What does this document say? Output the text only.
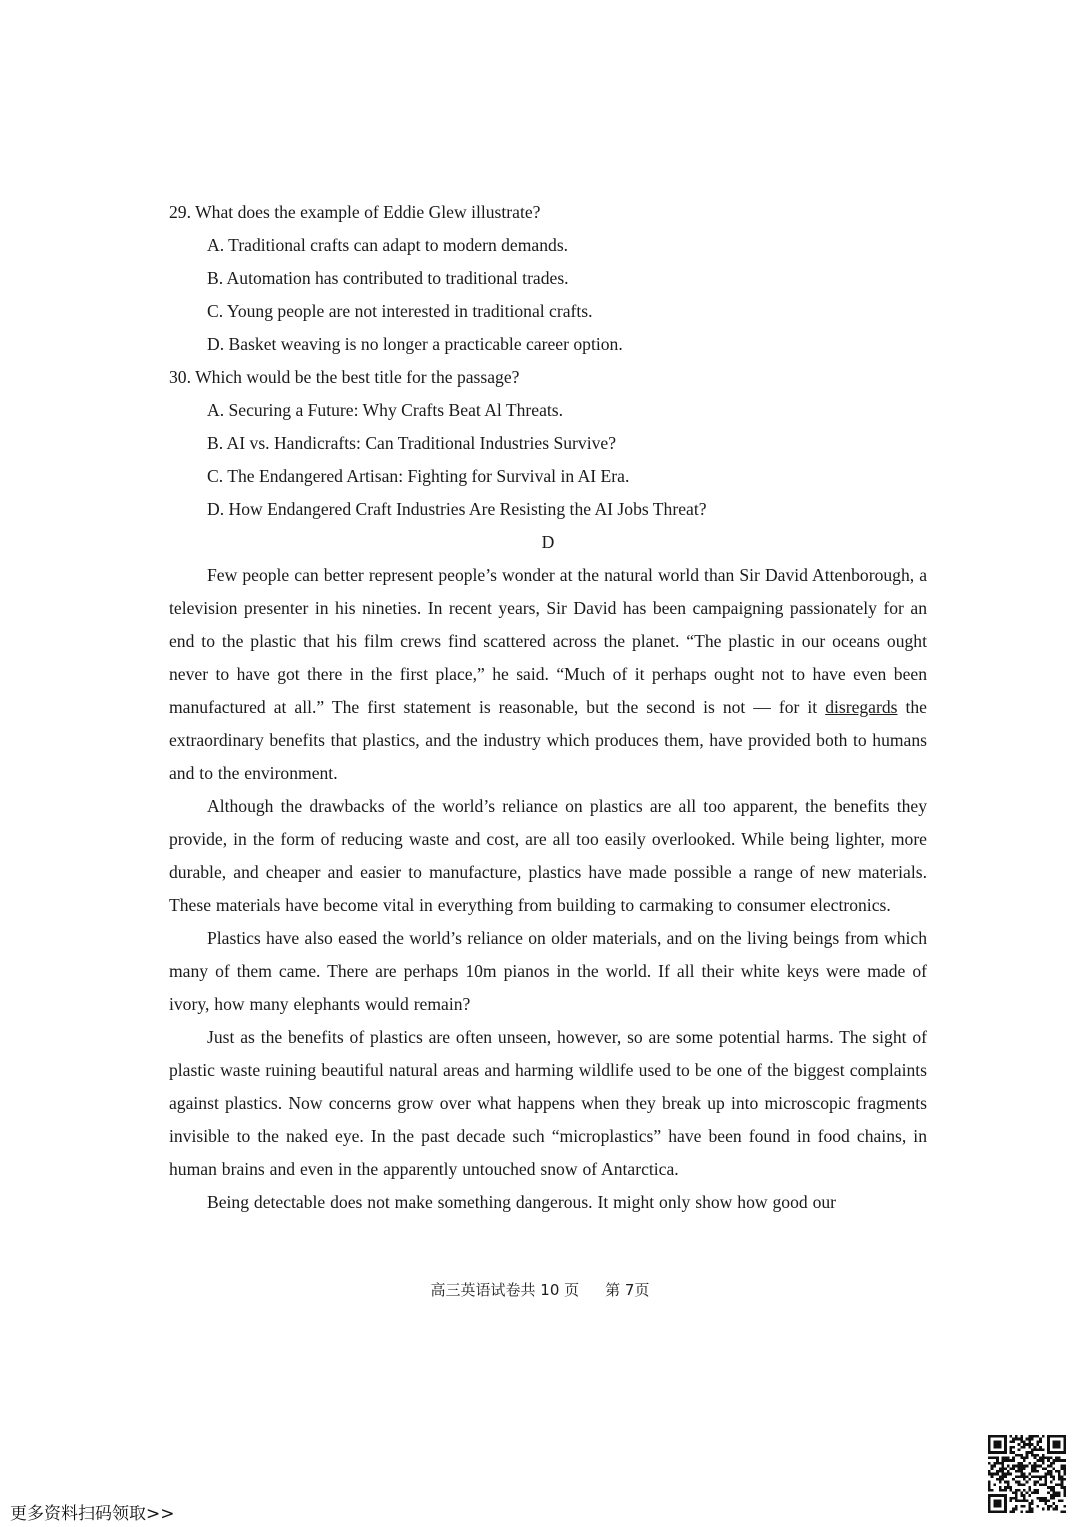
29. What does the example of Eddie Glew illustrate?

A. Traditional crafts can adapt to modern demands.

B. Automation has contributed to traditional trades.

C. Young people are not interested in traditional crafts.

D. Basket weaving is no longer a practicable career option.

30. Which would be the best title for the passage?

A. Securing a Future: Why Crafts Beat Al Threats.

B. AI vs. Handicrafts: Can Traditional Industries Survive?

C. The Endangered Artisan: Fighting for Survival in AI Era.

D. How Endangered Craft Industries Are Resisting the AI Jobs Threat?

D

Few people can better represent people’s wonder at the natural world than Sir David Attenborough, a television presenter in his nineties. In recent years, Sir David has been campaigning passionately for an end to the plastic that his film crews find scattered across the planet. “The plastic in our oceans ought never to have got there in the first place,” he said. “Much of it perhaps ought not to have even been manufactured at all.” The first statement is reasonable, but the second is not — for it disregards the extraordinary benefits that plastics, and the industry which produces them, have provided both to humans and to the environment.

Although the drawbacks of the world’s reliance on plastics are all too apparent, the benefits they provide, in the form of reducing waste and cost, are all too easily overlooked. While being lighter, more durable, and cheaper and easier to manufacture, plastics have made possible a range of new materials. These materials have become vital in everything from building to carmaking to consumer electronics.

Plastics have also eased the world’s reliance on older materials, and on the living beings from which many of them came. There are perhaps 10m pianos in the world. If all their white keys were made of ivory, how many elephants would remain?

Just as the benefits of plastics are often unseen, however, so are some potential harms. The sight of plastic waste ruining beautiful natural areas and harming wildlife used to be one of the biggest complaints against plastics. Now concerns grow over what happens when they break up into microscopic fragments invisible to the naked eye. In the past decade such “microplastics” have been found in food chains, in human brains and even in the apparently untouched snow of Antarctica.

Being detectable does not make something dangerous. It might only show how good our

高三英语试卷共 10 页 第 7页
更多资料扫码领取>>
